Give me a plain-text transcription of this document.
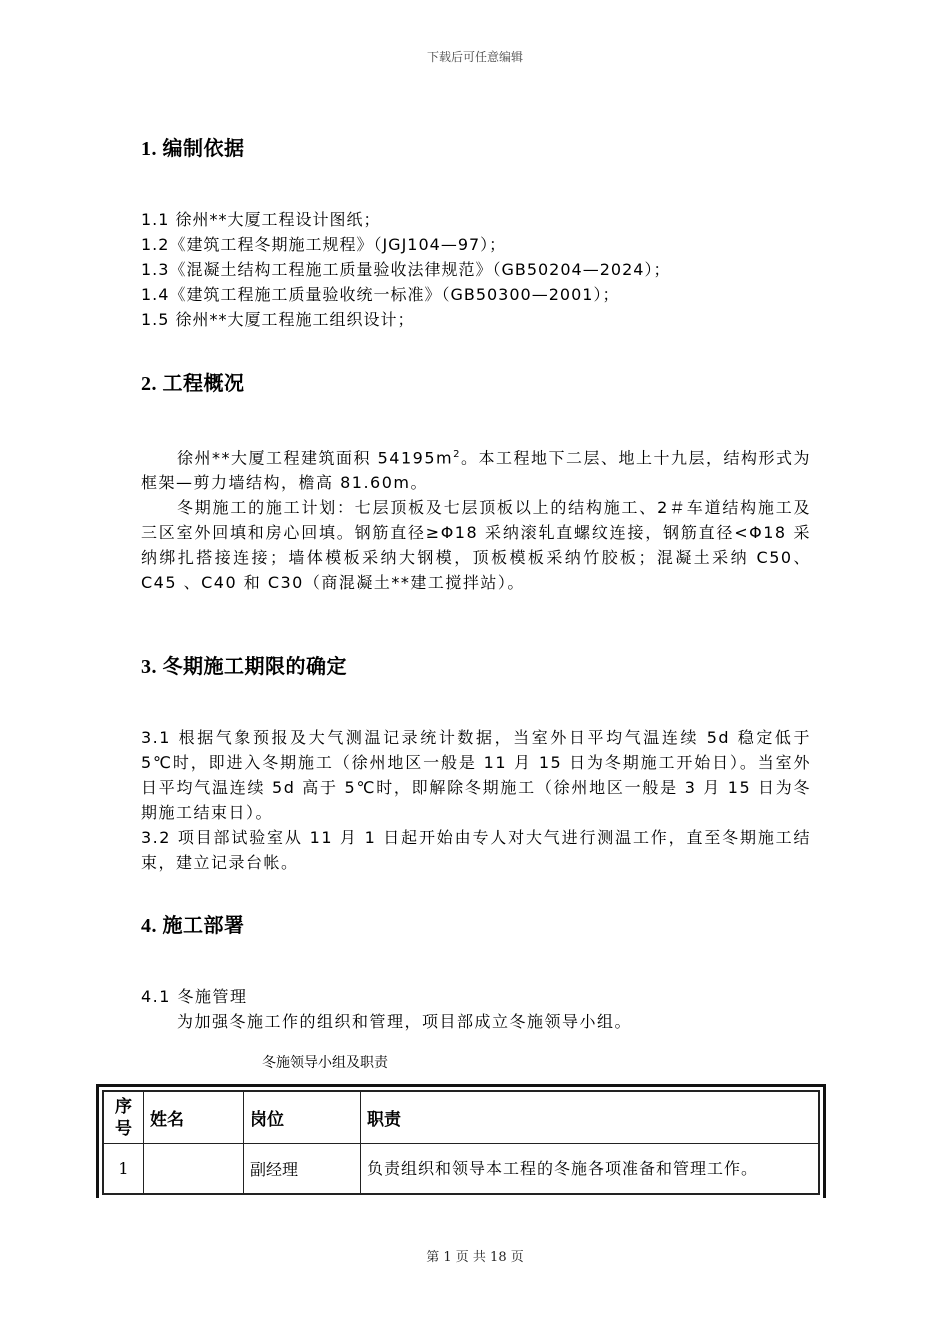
下载后可任意编辑
1. 编制依据
1.1 徐州**大厦工程设计图纸；
1.2《建筑工程冬期施工规程》（JGJ104—97）；
1.3《混凝土结构工程施工质量验收法律规范》（GB50204—2024）；
1.4《建筑工程施工质量验收统一标准》（GB50300—2001）；
1.5 徐州**大厦工程施工组织设计；
2. 工程概况

徐州**大厦工程建筑面积 $54195m^2$。本工程地下二层、地上十九层，结构形式为框架—剪力墙结构，檐高 81.60m。

冬期施工的施工计划：七层顶板及七层顶板以上的结构施工、2＃车道结构施工及三区室外回填和房心回填。钢筋直径≥Φ18 采纳滚轧直螺纹连接，钢筋直径<Φ18 采纳绑扎搭接连接；墙体模板采纳大钢模，顶板模板采纳竹胶板；混凝土采纳 C50、C45 、C40 和 C30（商混凝土**建工搅拌站）。

3. 冬期施工期限的确定

3.1 根据气象预报及大气测温记录统计数据，当室外日平均气温连续 5d 稳定低于 5℃时，即进入冬期施工（徐州地区一般是 11 月 15 日为冬期施工开始日）。当室外日平均气温连续 5d 高于 5℃时，即解除冬期施工（徐州地区一般是 3 月 15 日为冬期施工结束日）。

3.2 项目部试验室从 11 月 1 日起开始由专人对大气进行测温工作，直至冬期施工结束，建立记录台帐。

4. 施工部署

4.1 冬施管理

为加强冬施工作的组织和管理，项目部成立冬施领导小组。

冬施领导小组及职责
序号	姓名	岗位	职责
1		副经理	负责组织和领导本工程的冬施各项准备和管理工作。
第 1 页 共 18 页
